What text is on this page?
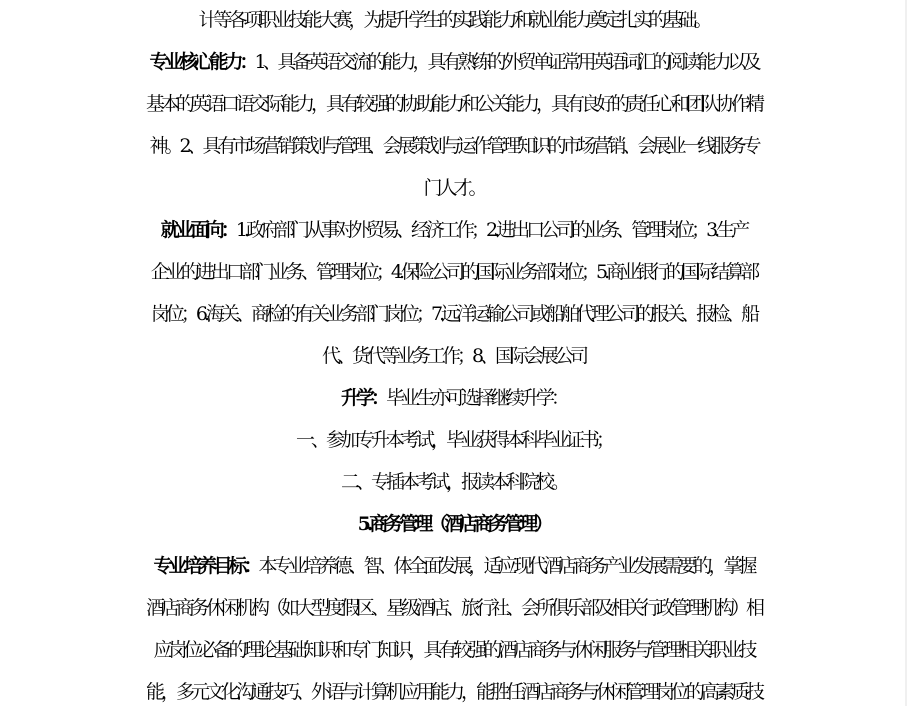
计等各项职业技能大赛，为提升学生的实践能力和就业能力奠定扎实的基础。
专业核心能力：1、具备英语交流的能力，具有熟练的外贸单证常用英语词汇的阅读能力以及
基本的英语口语交际能力，具有较强的协助能力和公关能力，具有良好的责任心和团队协作精
神。2、具有市场营销策划与管理、会展策划与运作管理知识的市场营销、会展业一线服务专
门人才。
就业面向：1.政府部门从事对外贸易、经济工作；2.进出口公司的业务、管理岗位；3.生产
企业的进出口部门业务、管理岗位；4.保险公司的国际业务部岗位；5.商业银行的国际结算部
岗位；6.海关、商检的有关业务部门岗位；7.远洋运输公司或船舶代理公司的报关、报检、船
代、货代等业务工作；8、国际会展公司
升学：毕业生亦可选择继续升学：
一、参加专升本考试，毕业获得本科毕业证书；
二、专插本考试，报读本科院校。
5.商务管理（酒店商务管理）
专业培养目标：本专业培养德、智、体全面发展，适应现代酒店商务产业发展需要的，掌握
酒店商务休闲机构（如大型度假区、星级酒店、旅行社、会所俱乐部及相关行政管理机构）相
应岗位必备的理论基础知识和专门知识，具有较强的酒店商务与休闲服务与管理相关职业技
能，多元文化沟通技巧、外语与计算机应用能力，能胜任酒店商务与休闲管理岗位的高素质技
